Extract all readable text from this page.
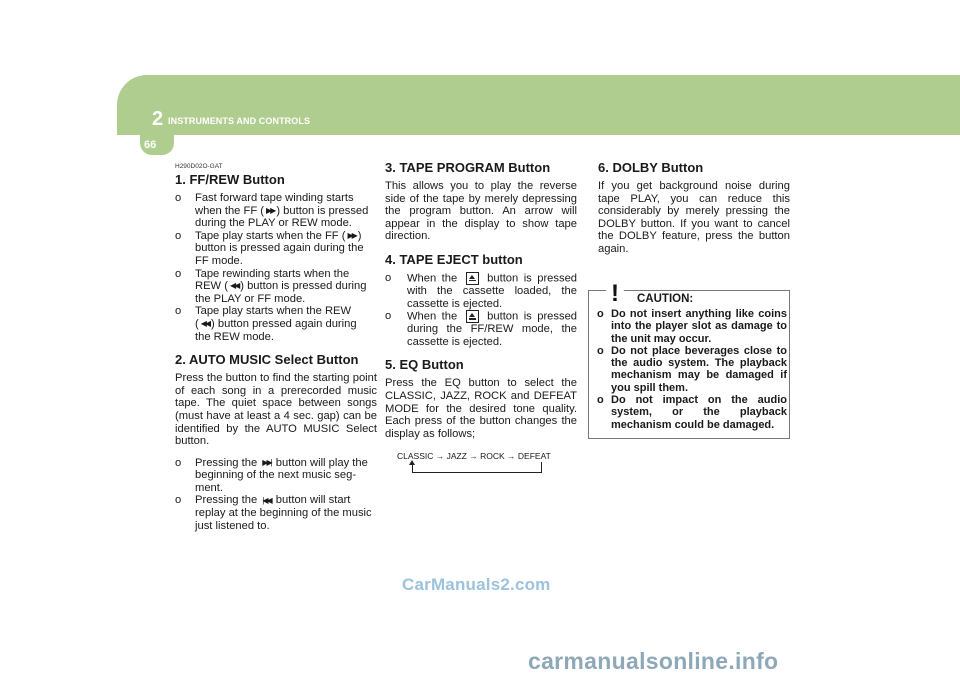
2 INSTRUMENTS AND CONTROLS
66
H290D02O-GAT
1. FF/REW Button
o	Fast forward tape winding starts
when the FF ( ▶▶ ) button is pressed
during the PLAY or REW mode.
o	Tape play starts when the FF ( ▶▶ )
button is pressed again during the
FF mode.
o	Tape rewinding starts when the
REW ( ◀◀ ) button is pressed during
the PLAY or FF mode.
o	Tape play starts when the REW
( ◀◀ ) button pressed again during
the REW mode.
2. AUTO MUSIC Select Button

Press the button to find the starting point of each song in a prerecorded music tape. The quiet space between songs (must have at least a 4 sec. gap) can be identified by the AUTO MUSIC Select button.

o	Pressing the ▶▶| button will play the
beginning of the next music seg-
ment.
o	Pressing the |◀◀ button will start
replay at the beginning of the music
just listened to.
3. TAPE PROGRAM Button

This allows you to play the reverse side of the tape by merely depressing the program button. An arrow will appear in the display to show tape direction.

4. TAPE EJECT button
o When the	button is pressed with the cassette loaded, the cassette is ejected.
o When the	button is pressed during the FF/REW mode, the cassette is ejected.
5. EQ Button

Press the EQ button to select the CLASSIC, JAZZ, ROCK and DEFEAT MODE for the desired tone quality. Each press of the button changes the display as follows;

CLASSIC → JAZZ → ROCK → DEFEAT
6. DOLBY Button

If you get background noise during tape PLAY, you can reduce this considerably by merely pressing the DOLBY button. If you want to cancel the DOLBY feature, press the button again.

! CAUTION:
o Do not insert anything like coins into the player slot as damage to the unit may occur.
o Do not place beverages close to the audio system. The playback mechanism may be damaged if you spill them.
o Do not impact on the audio system, or the playback mechanism could be damaged.
CarManuals2.com
carmanualsonline.info
